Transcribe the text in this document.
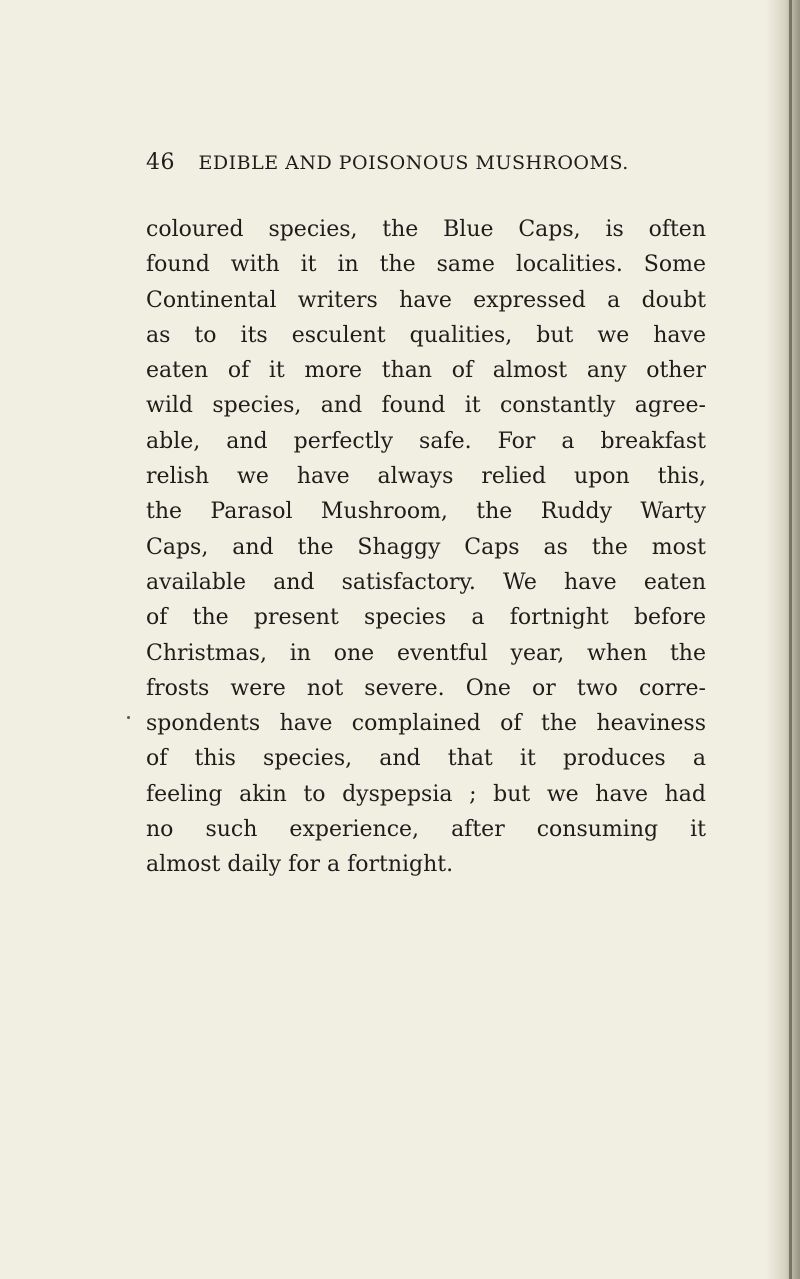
46 EDIBLE AND POISONOUS MUSHROOMS.
coloured species, the Blue Caps, is often
found with it in the same localities. Some
Continental writers have expressed a doubt
as to its esculent qualities, but we have
eaten of it more than of almost any other
wild species, and found it constantly agree-
able, and perfectly safe. For a breakfast
relish we have always relied upon this,
the Parasol Mushroom, the Ruddy Warty
Caps, and the Shaggy Caps as the most
available and satisfactory. We have eaten
of the present species a fortnight before
Christmas, in one eventful year, when the
frosts were not severe. One or two corre-
spondents have complained of the heaviness
of this species, and that it produces a
feeling akin to dyspepsia ; but we have had
no such experience, after consuming it
almost daily for a fortnight.
